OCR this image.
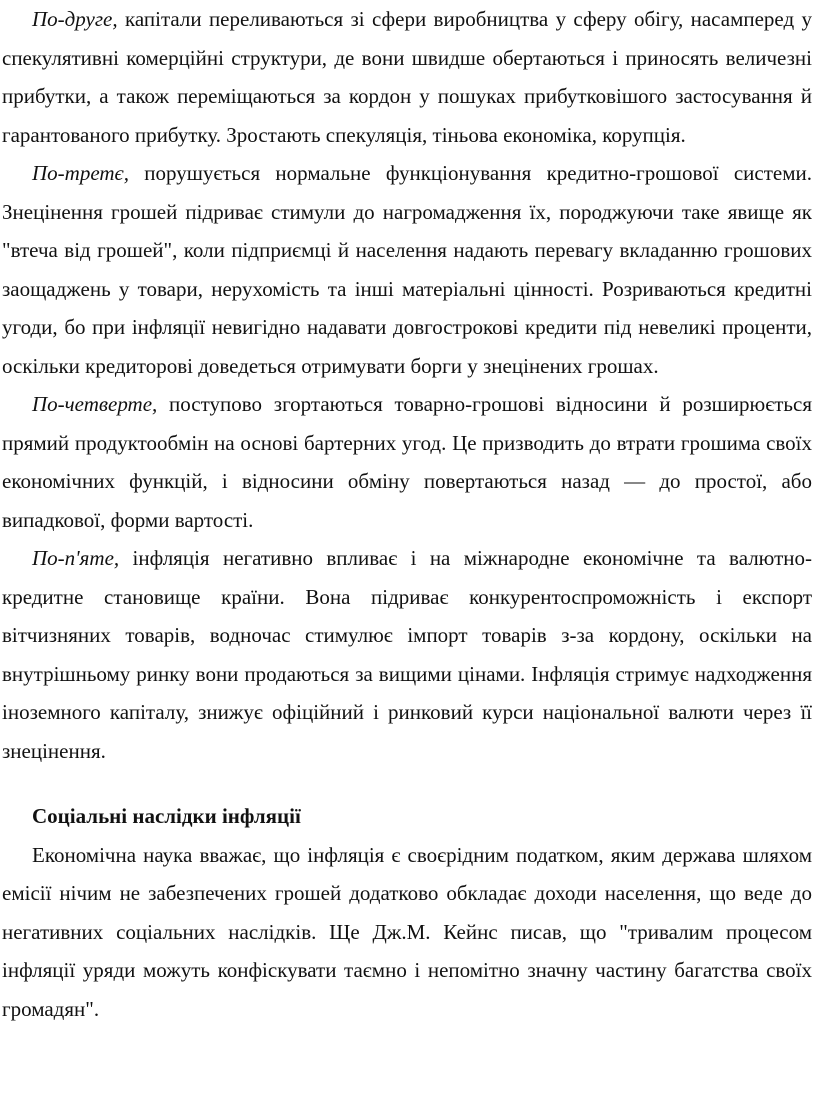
По-друге, капітали переливаються зі сфери виробництва у сферу обігу, насамперед у спекулятивні комерційні структури, де вони швидше обертаються і приносять величезні прибутки, а також переміщаються за кордон у пошуках прибутковішого застосування й гарантованого прибутку. Зростають спекуляція, тіньова економіка, корупція.

По-третє, порушується нормальне функціонування кредитно-грошової системи. Знецінення грошей підриває стимули до нагромадження їх, породжуючи таке явище як "втеча від грошей", коли підприємці й населення надають перевагу вкладанню грошових заощаджень у товари, нерухомість та інші матеріальні цінності. Розриваються кредитні угоди, бо при інфляції невигідно надавати довгострокові кредити під невеликі проценти, оскільки кредиторові доведеться отримувати борги у знецінених грошах.

По-четверте, поступово згортаються товарно-грошові відносини й розширюється прямий продуктообмін на основі бартерних угод. Це призводить до втрати грошима своїх економічних функцій, і відносини обміну повертаються назад — до простої, або випадкової, форми вартості.

По-п'яте, інфляція негативно впливає і на міжнародне економічне та валютно-кредитне становище країни. Вона підриває конкурентоспроможність і експорт вітчизняних товарів, водночас стимулює імпорт товарів з-за кордону, оскільки на внутрішньому ринку вони продаються за вищими цінами. Інфляція стримує надходження іноземного капіталу, знижує офіційний і ринковий курси національної валюти через її знецінення.

Соціальні наслідки інфляції

Економічна наука вважає, що інфляція є своєрідним податком, яким держава шляхом емісії нічим не забезпечених грошей додатково обкладає доходи населення, що веде до негативних соціальних наслідків. Ще Дж.М. Кейнс писав, що "тривалим процесом інфляції уряди можуть конфіскувати таємно і непомітно значну частину багатства своїх громадян".
